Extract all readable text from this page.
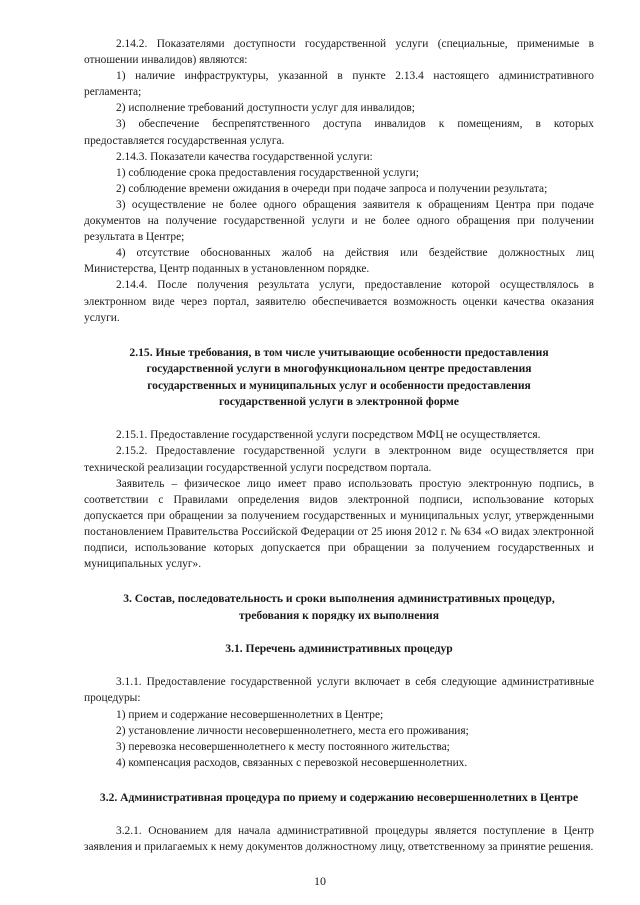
2.14.2. Показателями доступности государственной услуги (специальные, применимые в отношении инвалидов) являются:

1) наличие инфраструктуры, указанной в пункте 2.13.4 настоящего административного регламента;

2) исполнение требований доступности услуг для инвалидов;

3) обеспечение беспрепятственного доступа инвалидов к помещениям, в которых предоставляется государственная услуга.

2.14.3. Показатели качества государственной услуги:

1) соблюдение срока предоставления государственной услуги;

2) соблюдение времени ожидания в очереди при подаче запроса и получении результата;

3) осуществление не более одного обращения заявителя к обращениям Центра при подаче документов на получение государственной услуги и не более одного обращения при получении результата в Центре;

4) отсутствие обоснованных жалоб на действия или бездействие должностных лиц Министерства, Центр поданных в установленном порядке.

2.14.4. После получения результата услуги, предоставление которой осуществлялось в электронном виде через портал, заявителю обеспечивается возможность оценки качества оказания услуги.

2.15. Иные требования, в том числе учитывающие особенности предоставления государственной услуги в многофункциональном центре предоставления государственных и муниципальных услуг и особенности предоставления государственной услуги в электронной форме

2.15.1. Предоставление государственной услуги посредством МФЦ не осуществляется.

2.15.2. Предоставление государственной услуги в электронном виде осуществляется при технической реализации государственной услуги посредством портала.

Заявитель – физическое лицо имеет право использовать простую электронную подпись, в соответствии с Правилами определения видов электронной подписи, использование которых допускается при обращении за получением государственных и муниципальных услуг, утвержденными постановлением Правительства Российской Федерации от 25 июня 2012 г. № 634 «О видах электронной подписи, использование которых допускается при обращении за получением государственных и муниципальных услуг».

3. Состав, последовательность и сроки выполнения административных процедур, требования к порядку их выполнения

3.1. Перечень административных процедур

3.1.1. Предоставление государственной услуги включает в себя следующие административные процедуры:

1) прием и содержание несовершеннолетних в Центре;

2) установление личности несовершеннолетнего, места его проживания;

3) перевозка несовершеннолетнего к месту постоянного жительства;

4) компенсация расходов, связанных с перевозкой несовершеннолетних.

3.2. Административная процедура по приему и содержанию несовершеннолетних в Центре

3.2.1. Основанием для начала административной процедуры является поступление в Центр заявления и прилагаемых к нему документов должностному лицу, ответственному за принятие решения.

10
